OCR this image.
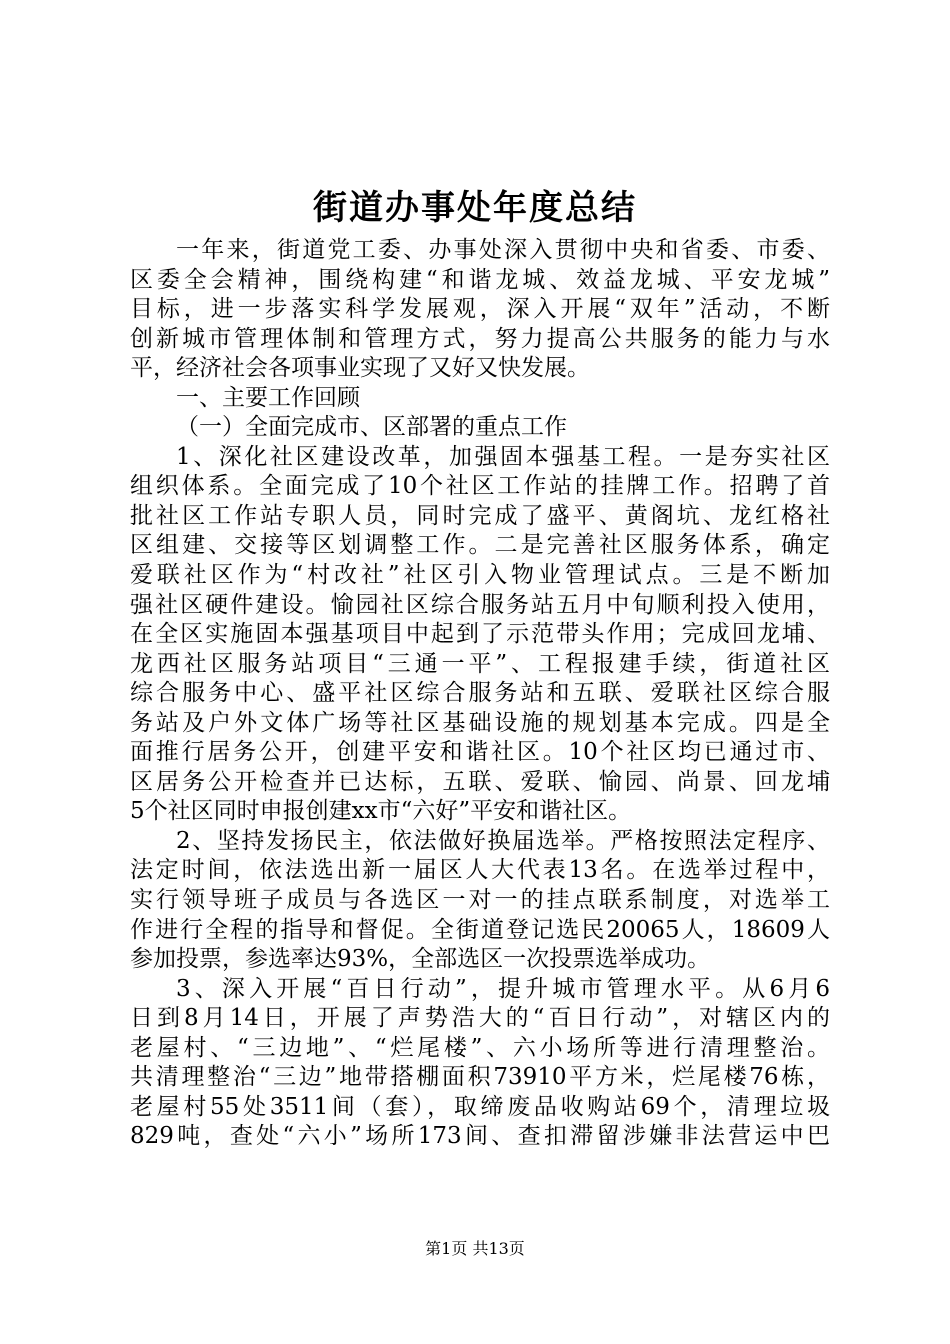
街道办事处年度总结
一年来，街道党工委、办事处深入贯彻中央和省委、市委、
区委全会精神，围绕构建“和谐龙城、效益龙城、平安龙城”
目标，进一步落实科学发展观，深入开展“双年”活动，不断
创新城市管理体制和管理方式，努力提高公共服务的能力与水
平，经济社会各项事业实现了又好又快发展。
一、主要工作回顾
（一）全面完成市、区部署的重点工作
1、深化社区建设改革，加强固本强基工程。一是夯实社区
组织体系。全面完成了10个社区工作站的挂牌工作。招聘了首
批社区工作站专职人员，同时完成了盛平、黄阁坑、龙红格社
区组建、交接等区划调整工作。二是完善社区服务体系，确定
爱联社区作为“村改社”社区引入物业管理试点。三是不断加
强社区硬件建设。愉园社区综合服务站五月中旬顺利投入使用，
在全区实施固本强基项目中起到了示范带头作用；完成回龙埔、
龙西社区服务站项目“三通一平”、工程报建手续，街道社区
综合服务中心、盛平社区综合服务站和五联、爱联社区综合服
务站及户外文体广场等社区基础设施的规划基本完成。四是全
面推行居务公开，创建平安和谐社区。10个社区均已通过市、
区居务公开检查并已达标，五联、爱联、愉园、尚景、回龙埔
5个社区同时申报创建xx市“六好”平安和谐社区。
2、坚持发扬民主，依法做好换届选举。严格按照法定程序、
法定时间，依法选出新一届区人大代表13名。在选举过程中，
实行领导班子成员与各选区一对一的挂点联系制度，对选举工
作进行全程的指导和督促。全街道登记选民20065人，18609人
参加投票，参选率达93%，全部选区一次投票选举成功。
3、深入开展“百日行动”，提升城市管理水平。从6月6
日到8月14日，开展了声势浩大的“百日行动”，对辖区内的
老屋村、“三边地”、“烂尾楼”、六小场所等进行清理整治。
共清理整治“三边”地带搭棚面积73910平方米，烂尾楼76栋，
老屋村55处3511间（套），取缔废品收购站69个，清理垃圾
829吨，查处“六小”场所173间、查扣滞留涉嫌非法营运中巴
第1页 共13页
